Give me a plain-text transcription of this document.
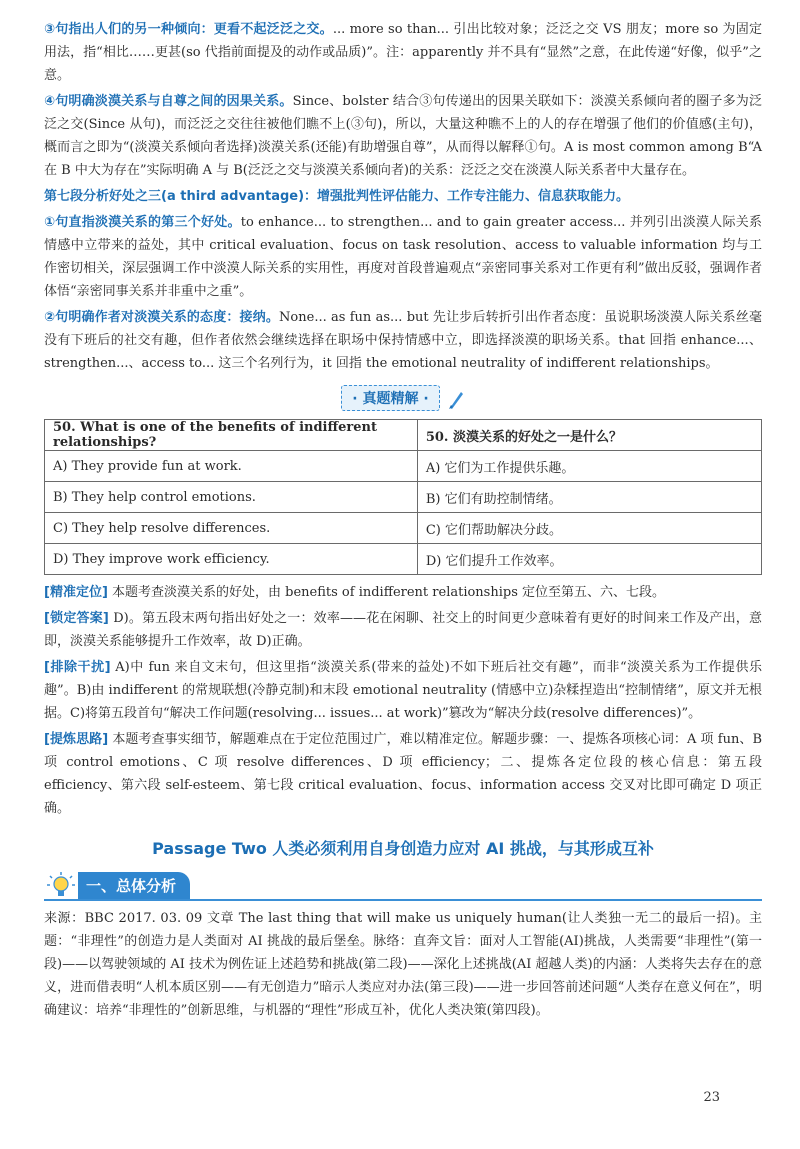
③句指出人们的另一种倾向：更看不起泛泛之交。... more so than... 引出比较对象；泛泛之交 VS 朋友；more so 为固定用法，指“相比……更甚(so 代指前面提及的动作或品质)”。注：apparently 并不具有“显然”之意，在此传递“好像，似乎”之意。

④句明确淡漠关系与自尊之间的因果关系。Since、bolster 结合③句传递出的因果关联如下：淡漠关系倾向者的圈子多为泛泛之交(Since 从句)，而泛泛之交往往被他们瞧不上(③句)，所以，大量这种瞧不上的人的存在增强了他们的价值感(主句)，概而言之即为“(淡漠关系倾向者选择)淡漠关系(还能)有助增强自尊”，从而得以解释①句。A is most common among B“A 在 B 中大为存在”实际明确 A 与 B(泛泛之交与淡漠关系倾向者)的关系：泛泛之交在淡漠人际关系者中大量存在。

第七段分析好处之三(a third advantage)：增强批判性评估能力、工作专注能力、信息获取能力。

①句直指淡漠关系的第三个好处。to enhance... to strengthen... and to gain greater access... 并列引出淡漠人际关系情感中立带来的益处，其中 critical evaluation、focus on task resolution、access to valuable information 均与工作密切相关，深层强调工作中淡漠人际关系的实用性，再度对首段普遍观点“亲密同事关系对工作更有利”做出反驳，强调作者体悟“亲密同事关系并非重中之重”。

②句明确作者对淡漠关系的态度：接纳。None... as fun as... but 先让步后转折引出作者态度：虽说职场淡漠人际关系丝毫没有下班后的社交有趣，但作者依然会继续选择在职场中保持情感中立，即选择淡漠的职场关系。that 回指 enhance...、strengthen...、access to... 这三个名列行为，it 回指 the emotional neutrality of indifferent relationships。

· 真题精解 ·
50. What is one of the benefits of indifferent relationships?	50. 淡漠关系的好处之一是什么？
A) They provide fun at work.	A) 它们为工作提供乐趣。
B) They help control emotions.	B) 它们有助控制情绪。
C) They help resolve differences.	C) 它们帮助解决分歧。
D) They improve work efficiency.	D) 它们提升工作效率。

[精准定位] 本题考查淡漠关系的好处，由 benefits of indifferent relationships 定位至第五、六、七段。

[锁定答案] D)。第五段末两句指出好处之一：效率——花在闲聊、社交上的时间更少意味着有更好的时间来工作及产出，意即，淡漠关系能够提升工作效率，故 D)正确。

[排除干扰] A)中 fun 来自文末句，但这里指“淡漠关系(带来的益处)不如下班后社交有趣”，而非“淡漠关系为工作提供乐趣”。B)由 indifferent 的常规联想(冷静克制)和末段 emotional neutrality (情感中立)杂糅捏造出“控制情绪”，原文并无根据。C)将第五段首句“解决工作问题(resolving... issues... at work)”篡改为“解决分歧(resolve differences)”。

[提炼思路] 本题考查事实细节，解题难点在于定位范围过广，难以精准定位。解题步骤：一、提炼各项核心词：A 项 fun、B 项 control emotions、C 项 resolve differences、D 项 efficiency；二、提炼各定位段的核心信息：第五段 efficiency、第六段 self-esteem、第七段 critical evaluation、focus、information access 交叉对比即可确定 D 项正确。

Passage Two 人类必须利用自身创造力应对 AI 挑战，与其形成互补
一、总体分析

来源：BBC 2017. 03. 09 文章 The last thing that will make us uniquely human(让人类独一无二的最后一招)。主题：“非理性”的创造力是人类面对 AI 挑战的最后堡垒。脉络：直奔文旨：面对人工智能(AI)挑战，人类需要“非理性”(第一段)——以驾驶领域的 AI 技术为例佐证上述趋势和挑战(第二段)——深化上述挑战(AI 超越人类)的内涵：人类将失去存在的意义，进而借表明“人机本质区别——有无创造力”暗示人类应对办法(第三段)——进一步回答前述问题“人类存在意义何在”，明确建议：培养“非理性的”创新思维，与机器的“理性”形成互补，优化人类决策(第四段)。

23
